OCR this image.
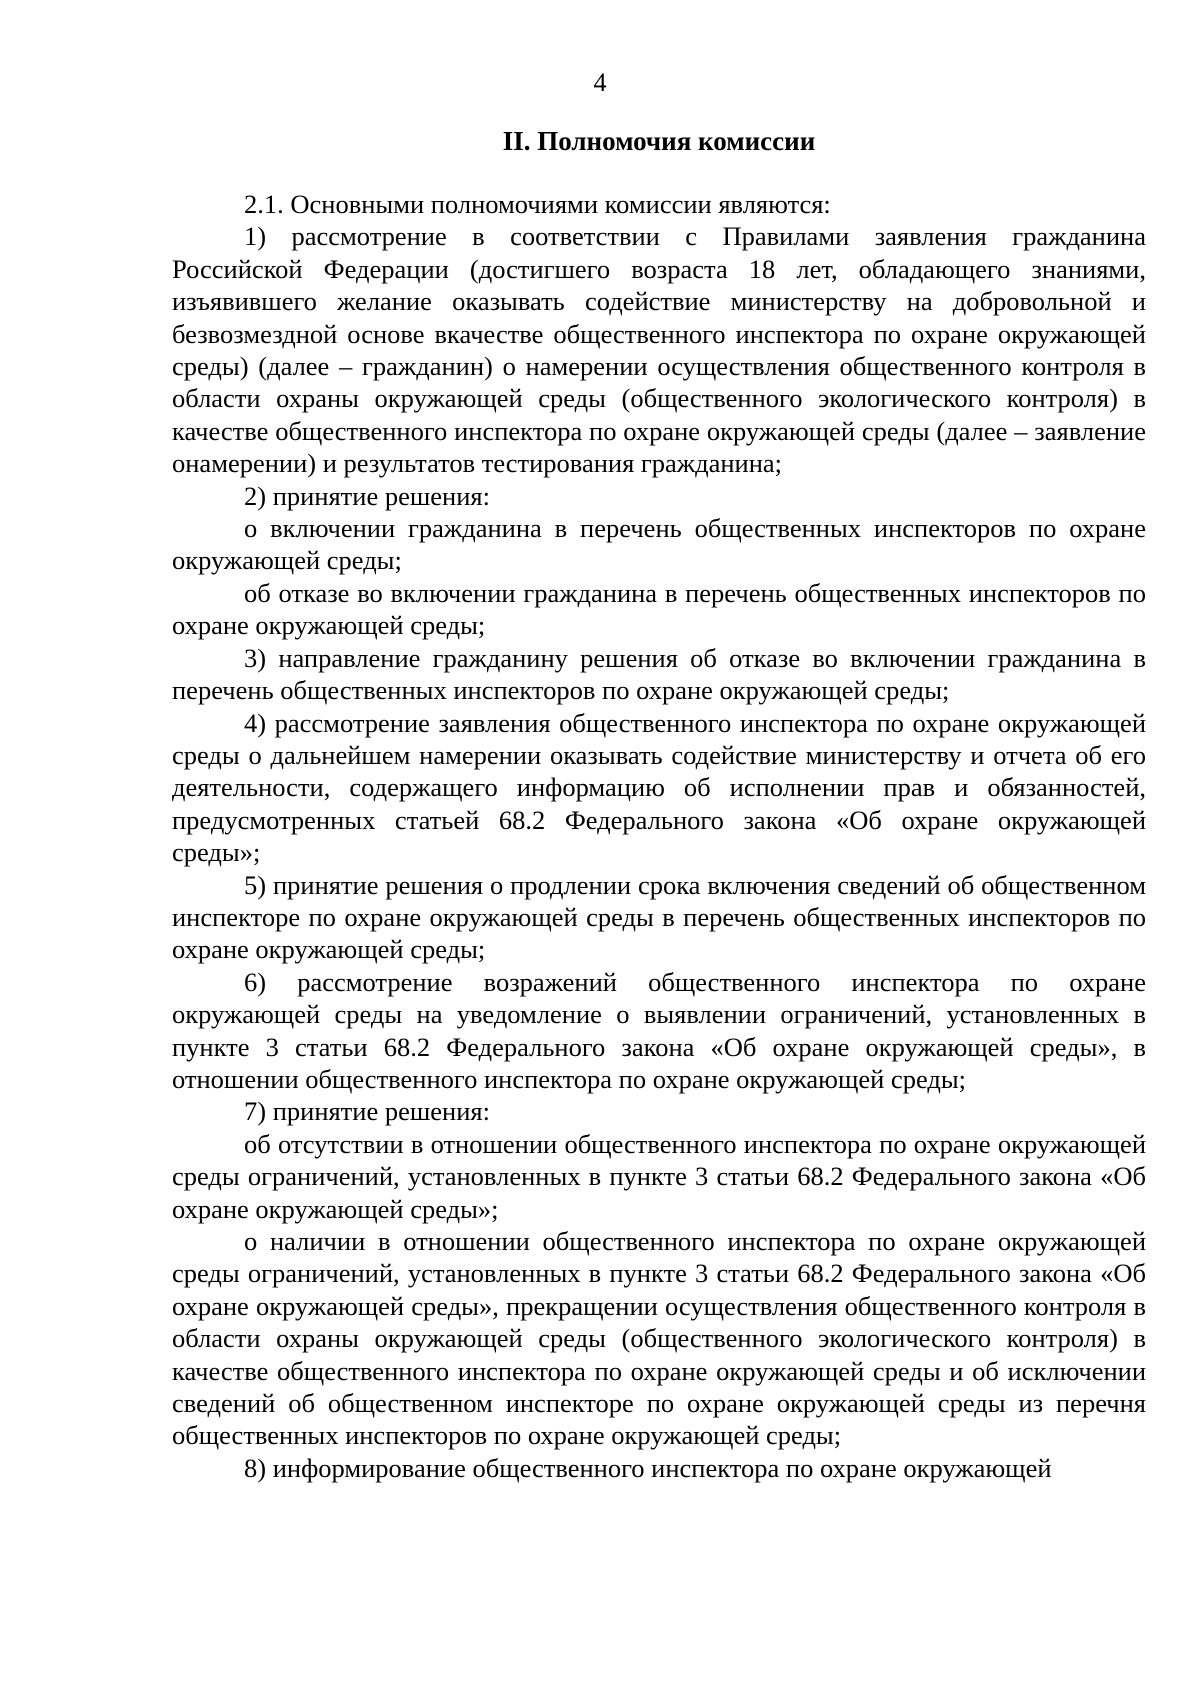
4
II. Полномочия комиссии

2.1. Основными полномочиями комиссии являются:

1) рассмотрение в соответствии с Правилами заявления гражданина Российской Федерации (достигшего возраста 18 лет, обладающего знаниями, изъявившего желание оказывать содействие министерству на добровольной и безвозмездной основе вкачестве общественного инспектора по охране окружающей среды) (далее – гражданин) о намерении осуществления общественного контроля в области охраны окружающей среды (общественного экологического контроля) в качестве общественного инспектора по охране окружающей среды (далее – заявление онамерении) и результатов тестирования гражданина;

2) принятие решения:

о включении гражданина в перечень общественных инспекторов по охране окружающей среды;

об отказе во включении гражданина в перечень общественных инспекторов по охране окружающей среды;

3) направление гражданину решения об отказе во включении гражданина в перечень общественных инспекторов по охране окружающей среды;

4) рассмотрение заявления общественного инспектора по охране окружающей среды о дальнейшем намерении оказывать содействие министерству и отчета об его деятельности, содержащего информацию об исполнении прав и обязанностей, предусмотренных статьей 68.2 Федерального закона «Об охране окружающей среды»;

5) принятие решения о продлении срока включения сведений об общественном инспекторе по охране окружающей среды в перечень общественных инспекторов по охране окружающей среды;

6) рассмотрение возражений общественного инспектора по охране окружающей среды на уведомление о выявлении ограничений, установленных в пункте 3 статьи 68.2 Федерального закона «Об охране окружающей среды», в отношении общественного инспектора по охране окружающей среды;

7) принятие решения:

об отсутствии в отношении общественного инспектора по охране окружающей среды ограничений, установленных в пункте 3 статьи 68.2 Федерального закона «Об охране окружающей среды»;

о наличии в отношении общественного инспектора по охране окружающей среды ограничений, установленных в пункте 3 статьи 68.2 Федерального закона «Об охране окружающей среды», прекращении осуществления общественного контроля в области охраны окружающей среды (общественного экологического контроля) в качестве общественного инспектора по охране окружающей среды и об исключении сведений об общественном инспекторе по охране окружающей среды из перечня общественных инспекторов по охране окружающей среды;

8) информирование общественного инспектора по охране окружающей
